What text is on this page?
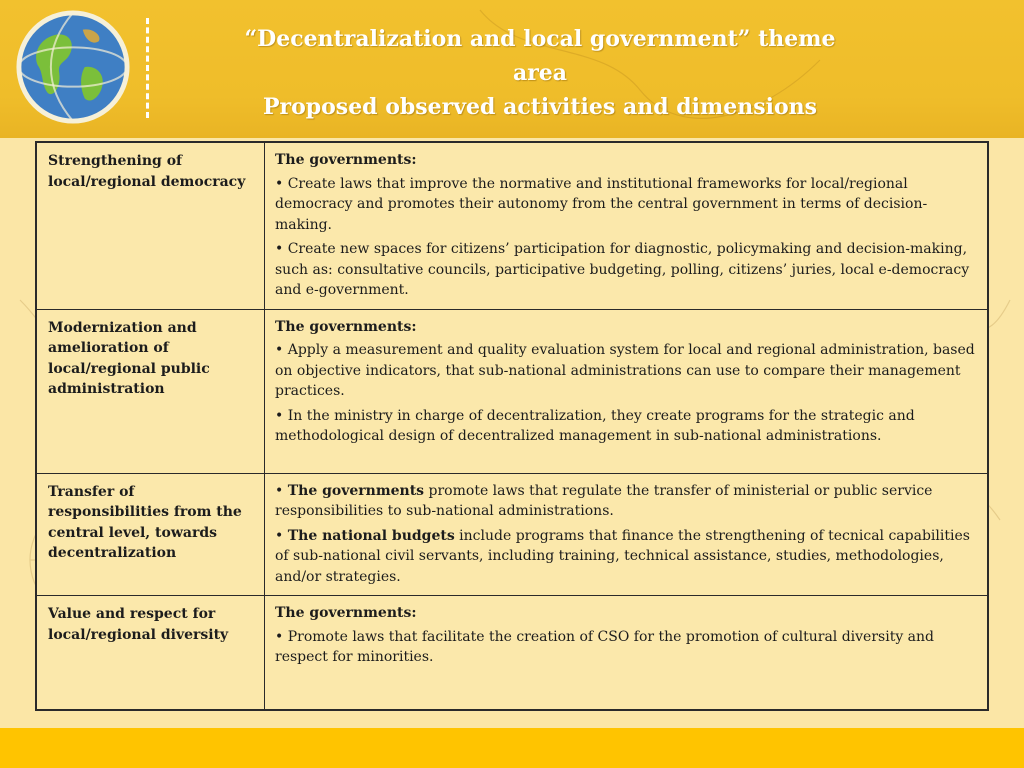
“Decentralization and local government” theme
area
Proposed observed activities and dimensions
Strengthening of local/regional democracy	The governments:
• Create laws that improve the normative and institutional frameworks for local/regional democracy and promotes their autonomy from the central government in terms of decision-making.
• Create new spaces for citizens’ participation for diagnostic, policymaking and decision-making, such as: consultative councils, participative budgeting, polling, citizens’ juries, local e-democracy and e-government.

Modernization and amelioration of local/regional public administration	The governments:
• Apply a measurement and quality evaluation system for local and regional administration, based on objective indicators, that sub-national administrations can use to compare their management practices.
• In the ministry in charge of decentralization, they create programs for the strategic and methodological design of decentralized management in sub-national administrations.

Transfer of responsibilities from the central level, towards decentralization	• The governments promote laws that regulate the transfer of ministerial or public service responsibilities to sub-national administrations.
• The national budgets include programs that finance the strengthening of tecnical capabilities of sub-national civil servants, including training, technical assistance, studies, methodologies, and/or strategies.

Value and respect for local/regional diversity	The governments:
• Promote laws that facilitate the creation of CSO for the promotion of cultural diversity and respect for minorities.
